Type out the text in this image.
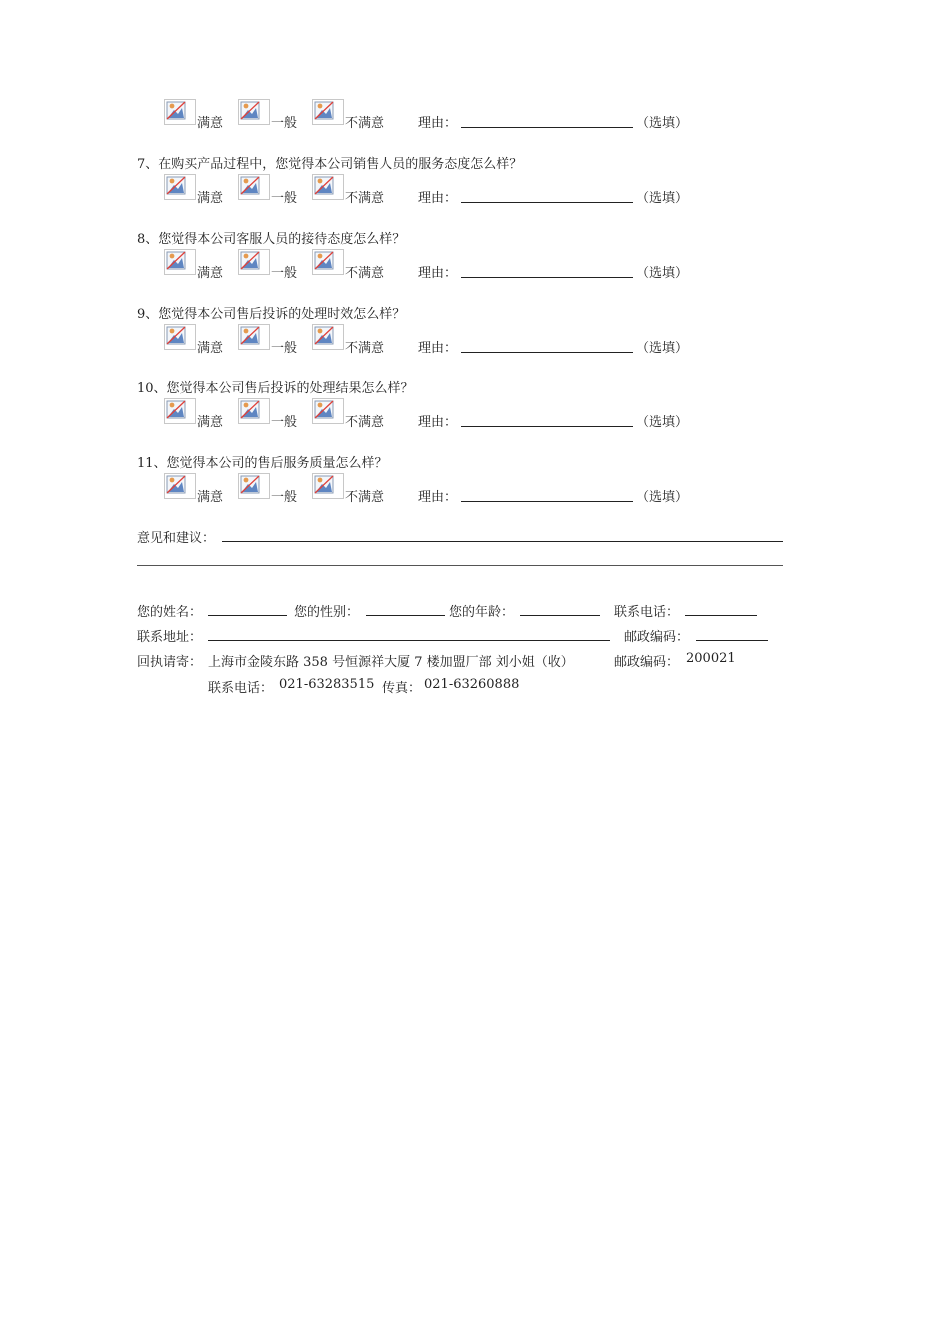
满意	一般	不满意	理由：	（选填）
7、在购买产品过程中，您觉得本公司销售人员的服务态度怎么样？
满意	一般	不满意	理由：	（选填）
8、您觉得本公司客服人员的接待态度怎么样？
满意	一般	不满意	理由：	（选填）
9、您觉得本公司售后投诉的处理时效怎么样？
满意	一般	不满意	理由：	（选填）
10、您觉得本公司售后投诉的处理结果怎么样？
满意	一般	不满意	理由：	（选填）
11、您觉得本公司的售后服务质量怎么样？
满意	一般	不满意	理由：	（选填）
意见和建议：
您的姓名：	您的性别：	您的年龄：	联系电话：
联系地址：	邮政编码：
回执请寄： 上海市金陵东路 358 号恒源祥大厦 7 楼加盟厂部 刘小姐（收）	邮政编码： 200021
联系电话： 021-63283515 传真： 021-63260888
